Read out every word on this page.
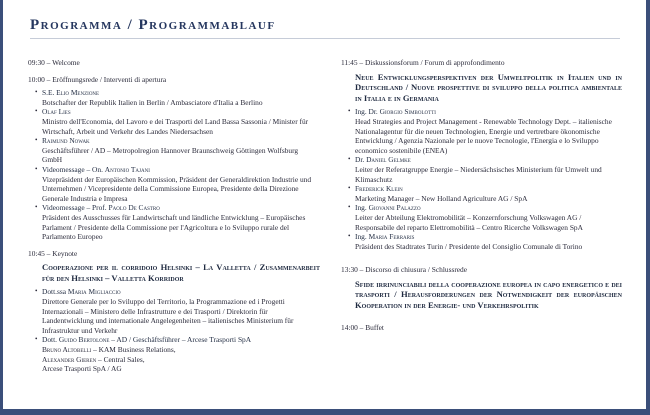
Programma / Programmablauf
09:30 – Welcome
10:00 – Eröffnungsrede / Interventi di apertura
• S.E. Elio Menzione
Botschafter der Republik Italien in Berlin / Ambasciatore d'Italia a Berlino
• Olaf Lies
Ministro dell'Economia, del Lavoro e dei Trasporti del Land Bassa Sassonia / Minister für Wirtschaft, Arbeit und Verkehr des Landes Niedersachsen
• Raimund Nowak
Geschäftsführer / AD – Metropolregion Hannover Braunschweig Göttingen Wolfsburg GmbH
• Videomessage – On. Antonio Tajani
Vizepräsident der Europäischen Kommission, Präsident der Generaldirektion Industrie und Unternehmen / Vicepresidente della Commissione Europea, Presidente della Direzione Generale Industria e Impresa
• Videomessage – Prof. Paolo De Castro
Präsident des Ausschusses für Landwirtschaft und ländliche Entwicklung – Europäisches Parlament / Presidente della Commissione per l'Agricoltura e lo Sviluppo rurale del Parlamento Europeo
10:45 – Keynote
Cooperazione per il corridoio Helsinki – La Valletta / Zusammenarbeit für den Helsinki – Valletta Korridor
• Dott.ssa Maria Migliaccio
Direttore Generale per lo Sviluppo del Territorio, la Programmazione ed i Progetti Internazionali – Ministero delle Infrastrutture e dei Trasporti / Direktorin für Landentwicklung und internationale Angelegenheiten – italienisches Ministerium für Infrastruktur und Verkehr
• Dott. Guido Bertolone – AD / Geschäftsführer – Arcese Trasporti SpA
Bruno Altobelli – KAM Business Relations,
Alexander Gieren – Central Sales,
Arcese Trasporti SpA / AG
11:45 – Diskussionsforum / Forum di approfondimento
Neue Entwicklungsperspektiven der Umweltpolitik in Italien und in Deutschland / Nuove prospettive di sviluppo della politica ambientale in Italia e in Germania
• Ing. Dr. Giorgio Simbolotti
Head Strategies and Project Management - Renewable Technology Dept. – italienische Nationalagentur für die neuen Technologien, Energie und vertretbare ökonomische Entwicklung / Agenzia Nazionale per le nuove Tecnologie, l'Energia e lo Sviluppo economico sostenibile (ENEA)
• Dr. Daniel Gelmke
Leiter der Referatgruppe Energie – Niedersächsisches Ministerium für Umwelt und Klimaschutz
• Frederick Klein
Marketing Manager – New Holland Agriculture AG / SpA
• Ing. Giovanni Palazzo
Leiter der Abteilung Elektromobilität – Konzernforschung Volkswagen AG / Responsabile del reparto Elettromobilità – Centro Ricerche Volkswagen SpA
• Ing. Maria Ferraris
Präsident des Stadtrates Turin / Presidente del Consiglio Comunale di Torino
13:30 – Discorso di chiusura / Schlussrede
Sfide irrinunciabili della cooperazione europea in capo energetico e dei trasporti / Herausforderungen der Notwendigkeit der europäischen Kooperation in der Energie- und Verkehrspolitik
14:00 – Buffet
